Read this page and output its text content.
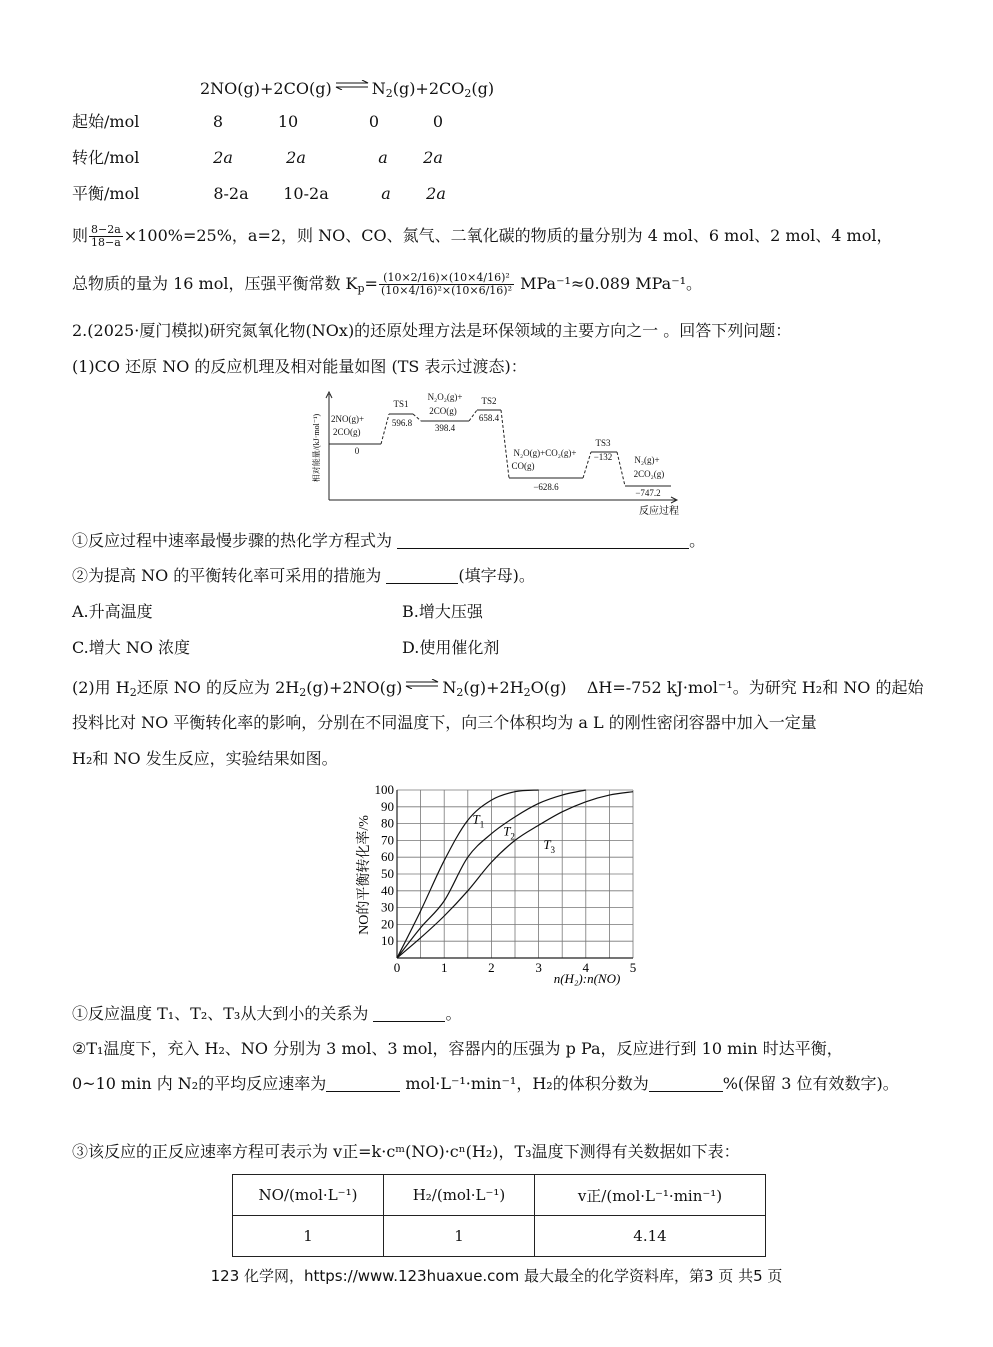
2NO(g)+2CO(g) ⇌ $N_2(g)+2CO_2(g)$
起始/mol	8	10	0	0
转化/mol	2a	2a	a	2a
平衡/mol	8-2a	10-2a	a	2a
则 $\frac{8-2a}{18-a} \times 100\%=25\%$，a=2，则 NO、CO、氮气、二氧化碳的物质的量分别为 4 mol、6 mol、2 mol、4 mol，
总物质的量为 16 mol，压强平衡常数 $K_p= \frac{\text{(10×2/16)×(10×4/16)²}}{\text{(10×4/16)²×(10×6/16)²}} MPa^{-1}\approx 0.089$ MPa⁻¹。
2.(2025·厦门模拟)研究氮氧化物(NOx)的还原处理方法是环保领域的主要方向之一 。回答下列问题：
(1)CO 还原 NO 的反应机理及相对能量如图 (TS 表示过渡态)：
相对能量/(kJ·mol⁻¹)
反应过程
2NO(g)+
2CO(g)
0
TS1
596.8
N₂O₂(g)+
2CO(g)
398.4
TS2
658.4
N₂O(g)+CO₂(g)+
CO(g)
−628.6
TS3
−132 N₂(g)+
2CO₂(g)
−747.2
①反应过程中速率最慢步骤的热化学方程式为	。
②为提高 NO 的平衡转化率可采用的措施为	(填字母)。
A.升高温度	B.增大压强
C.增大 NO 浓度	D.使用催化剂
(2)用 $H_2$还原 NO 的反应为 $2H_2(g)+2NO(g)$ ⇌ $N_2(g)+2H_2O(g)$ ΔH=-752 kJ·mol⁻¹。为研究 H₂和 NO 的起始
投料比对 NO 平衡转化率的影响，分别在不同温度下，向三个体积均为 a L 的刚性密闭容器中加入一定量
H₂和 NO 发生反应，实验结果如图。
0	1	2	3	4	5
10
20
30
40
50
60
70
80
90
100
$T_1$ $T_2$
$T_3$
NO的平衡转化率/%
n(H₂):n(NO)
①反应温度 T₁、T₂、T₃从大到小的关系为	。
②T₁温度下，充入 H₂、NO 分别为 3 mol、3 mol，容器内的压强为 p Pa，反应进行到 10 min 时达平衡，
0~10 min 内 N₂的平均反应速率为	mol·L⁻¹·min⁻¹，H₂的体积分数为	%(保留 3 位有效数字)。
③该反应的正反应速率方程可表示为 v正=k·cᵐ(NO)·cⁿ(H₂)，T₃温度下测得有关数据如下表：
NO/(mol·L⁻¹)	H₂/(mol·L⁻¹)	v正/(mol·L⁻¹·min⁻¹)
1	1	4.14
123 化学网，https://www.123huaxue.com 最大最全的化学资料库，第3 页 共5 页
